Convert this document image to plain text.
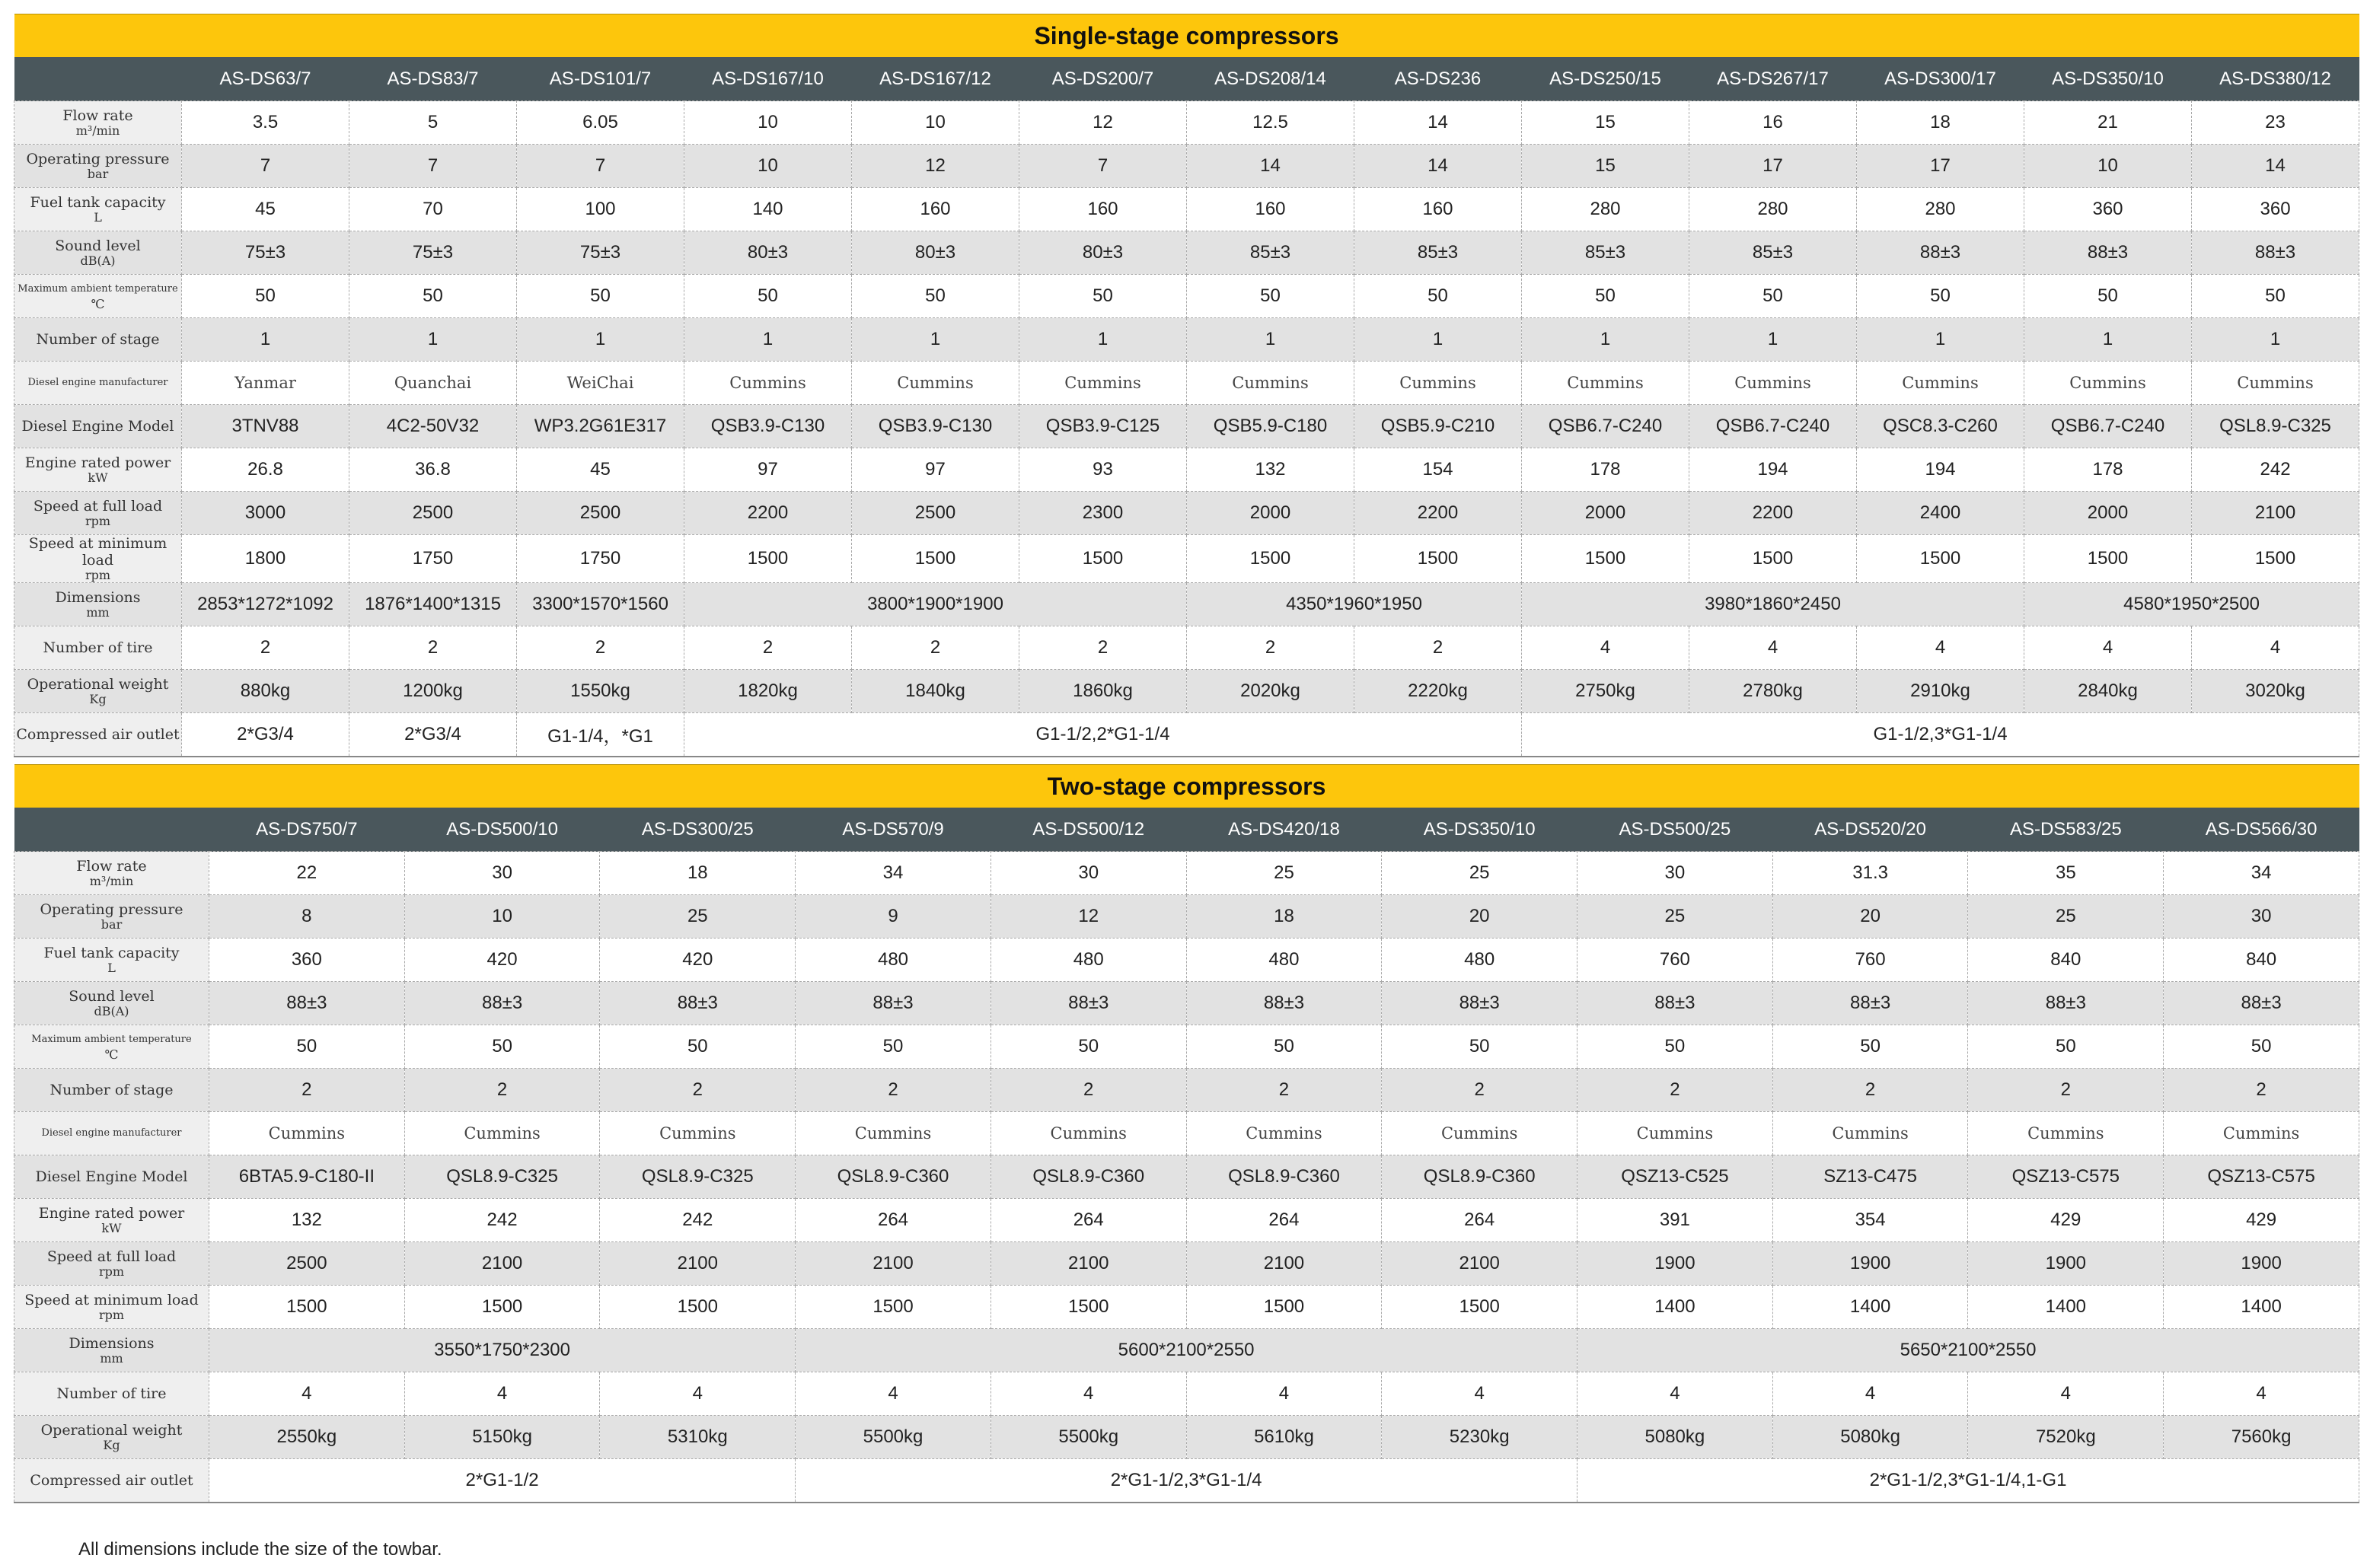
Single-stage compressors													
	AS-DS63/7	AS-DS83/7	AS-DS101/7	AS-DS167/10	AS-DS167/12	AS-DS200/7	AS-DS208/14	AS-DS236	AS-DS250/15	AS-DS267/17	AS-DS300/17	AS-DS350/10	AS-DS380/12
Flow rate
m³/min	3.5	5	6.05	10	10	12	12.5	14	15	16	18	21	23
Operating pressure
bar	7	7	7	10	12	7	14	14	15	17	17	10	14
Fuel tank capacity
L	45	70	100	140	160	160	160	160	280	280	280	360	360
Sound level
dB(A)	75±3	75±3	75±3	80±3	80±3	80±3	85±3	85±3	85±3	85±3	88±3	88±3	88±3
Maximum ambient temperature
℃	50	50	50	50	50	50	50	50	50	50	50	50	50
Number of stage	1	1	1	1	1	1	1	1	1	1	1	1	1
Diesel engine manufacturer	Yanmar	Quanchai	WeiChai	Cummins	Cummins	Cummins	Cummins	Cummins	Cummins	Cummins	Cummins	Cummins	Cummins
Diesel Engine Model	3TNV88	4C2-50V32	WP3.2G61E317	QSB3.9-C130	QSB3.9-C130	QSB3.9-C125	QSB5.9-C180	QSB5.9-C210	QSB6.7-C240	QSB6.7-C240	QSC8.3-C260	QSB6.7-C240	QSL8.9-C325
Engine rated power
kW	26.8	36.8	45	97	97	93	132	154	178	194	194	178	242
Speed at full load
rpm	3000	2500	2500	2200	2500	2300	2000	2200	2000	2200	2400	2000	2100
Speed at minimum load
rpm	1800	1750	1750	1500	1500	1500	1500	1500	1500	1500	1500	1500	1500
Dimensions
mm	2853*1272*1092	1876*1400*1315	3300*1570*1560	3800*1900*1900			4350*1960*1950		3980*1860*2450			4580*1950*2500	
Number of tire	2	2	2	2	2	2	2	2	4	4	4	4	4
Operational weight
Kg	880kg	1200kg	1550kg	1820kg	1840kg	1860kg	2020kg	2220kg	2750kg	2780kg	2910kg	2840kg	3020kg
Compressed air outlet	2*G3/4	2*G3/4	G1-1/4，*G1	G1-1/2,2*G1-1/4					G1-1/2,3*G1-1/4				
Two-stage compressors											
	AS-DS750/7	AS-DS500/10	AS-DS300/25	AS-DS570/9	AS-DS500/12	AS-DS420/18	AS-DS350/10	AS-DS500/25	AS-DS520/20	AS-DS583/25	AS-DS566/30
Flow rate
m³/min	22	30	18	34	30	25	25	30	31.3	35	34
Operating pressure
bar	8	10	25	9	12	18	20	25	20	25	30
Fuel tank capacity
L	360	420	420	480	480	480	480	760	760	840	840
Sound level
dB(A)	88±3	88±3	88±3	88±3	88±3	88±3	88±3	88±3	88±3	88±3	88±3
Maximum ambient temperature
℃	50	50	50	50	50	50	50	50	50	50	50
Number of stage	2	2	2	2	2	2	2	2	2	2	2
Diesel engine manufacturer	Cummins	Cummins	Cummins	Cummins	Cummins	Cummins	Cummins	Cummins	Cummins	Cummins	Cummins
Diesel Engine Model	6BTA5.9-C180-II	QSL8.9-C325	QSL8.9-C325	QSL8.9-C360	QSL8.9-C360	QSL8.9-C360	QSL8.9-C360	QSZ13-C525	SZ13-C475	QSZ13-C575	QSZ13-C575
Engine rated power
kW	132	242	242	264	264	264	264	391	354	429	429
Speed at full load
rpm	2500	2100	2100	2100	2100	2100	2100	1900	1900	1900	1900
Speed at minimum load
rpm	1500	1500	1500	1500	1500	1500	1500	1400	1400	1400	1400
Dimensions
mm	3550*1750*2300			5600*2100*2550				5650*2100*2550			
Number of tire	4	4	4	4	4	4	4	4	4	4	4
Operational weight
Kg	2550kg	5150kg	5310kg	5500kg	5500kg	5610kg	5230kg	5080kg	5080kg	7520kg	7560kg
Compressed air outlet	2*G1-1/2			2*G1-1/2,3*G1-1/4				2*G1-1/2,3*G1-1/4,1-G1			
All dimensions include the size of the towbar.
